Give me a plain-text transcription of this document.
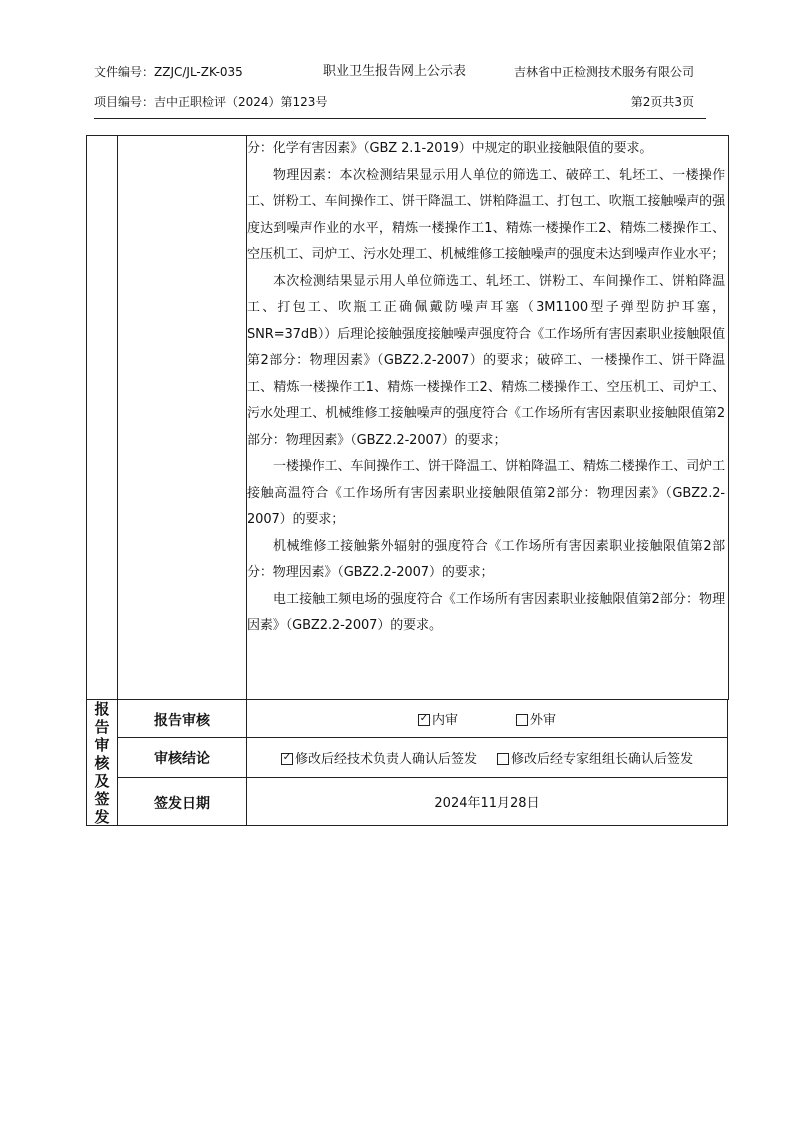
文件编号：ZZJC/JL-ZK-035	职业卫生报告网上公示表	吉林省中正检测技术服务有限公司
项目编号：吉中正职检评（2024）第123号	第2页共3页

分：化学有害因素》（GBZ 2.1-2019）中规定的职业接触限值的要求。

物理因素：本次检测结果显示用人单位的筛选工、破碎工、轧坯工、一楼操作工、饼粉工、车间操作工、饼干降温工、饼粕降温工、打包工、吹瓶工接触噪声的强度达到噪声作业的水平，精炼一楼操作工1、精炼一楼操作工2、精炼二楼操作工、空压机工、司炉工、污水处理工、机械维修工接触噪声的强度未达到噪声作业水平；

本次检测结果显示用人单位筛选工、轧坯工、饼粉工、车间操作工、饼粕降温工、打包工、吹瓶工正确佩戴防噪声耳塞（3M1100型子弹型防护耳塞，SNR=37dB））后理论接触强度接触噪声强度符合《工作场所有害因素职业接触限值第2部分：物理因素》（GBZ2.2-2007）的要求；破碎工、一楼操作工、饼干降温工、精炼一楼操作工1、精炼一楼操作工2、精炼二楼操作工、空压机工、司炉工、污水处理工、机械维修工接触噪声的强度符合《工作场所有害因素职业接触限值第2部分：物理因素》（GBZ2.2-2007）的要求；

一楼操作工、车间操作工、饼干降温工、饼粕降温工、精炼二楼操作工、司炉工接触高温符合《工作场所有害因素职业接触限值第2部分：物理因素》（GBZ2.2-2007）的要求；

机械维修工接触紫外辐射的强度符合《工作场所有害因素职业接触限值第2部分：物理因素》（GBZ2.2-2007）的要求；

电工接触工频电场的强度符合《工作场所有害因素职业接触限值第2部分：物理因素》（GBZ2.2-2007）的要求。

报
告
审
核
及
签
发
报告审核 ✓	内审	外审
审核结论 ✓	修改后经技术负责人确认后签发	修改后经专家组组长确认后签发
签发日期	2024年11月28日
